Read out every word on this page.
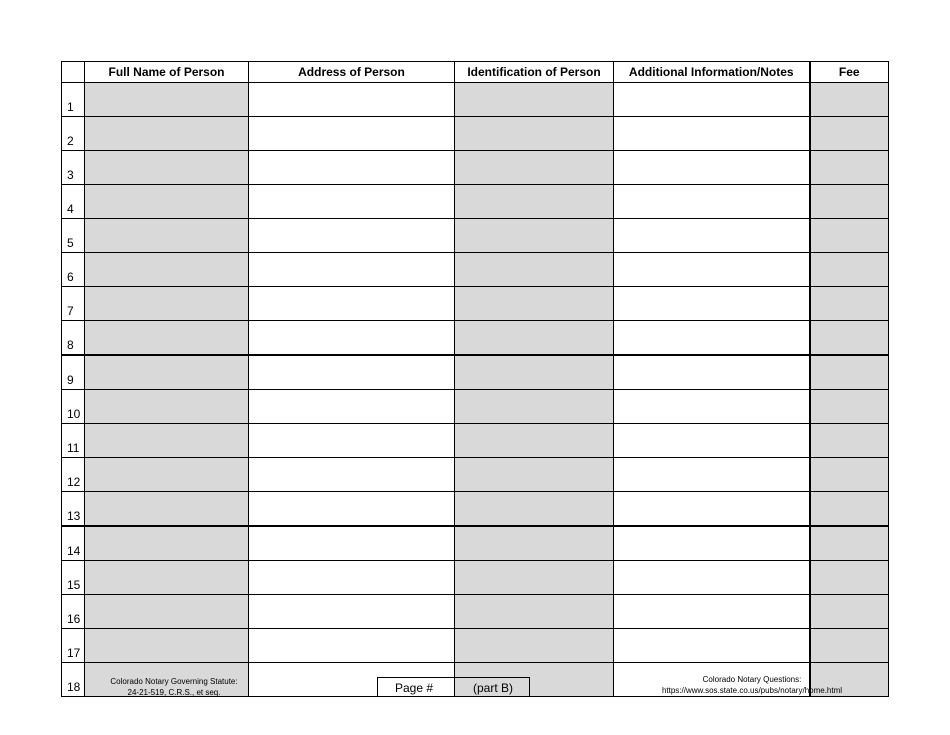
	Full Name of Person	Address of Person	Identification of Person	Additional Information/Notes	Fee
1					
2					
3					
4					
5					
6					
7					
8					
9					
10					
11					
12					
13					
14					
15					
16					
17					
18						Colorado Notary Governing Statute:
24-21-519, C.R.S., et seq.	Page #	(part B)
Colorado Notary Questions:
https://www.sos.state.co.us/pubs/notary/home.html
